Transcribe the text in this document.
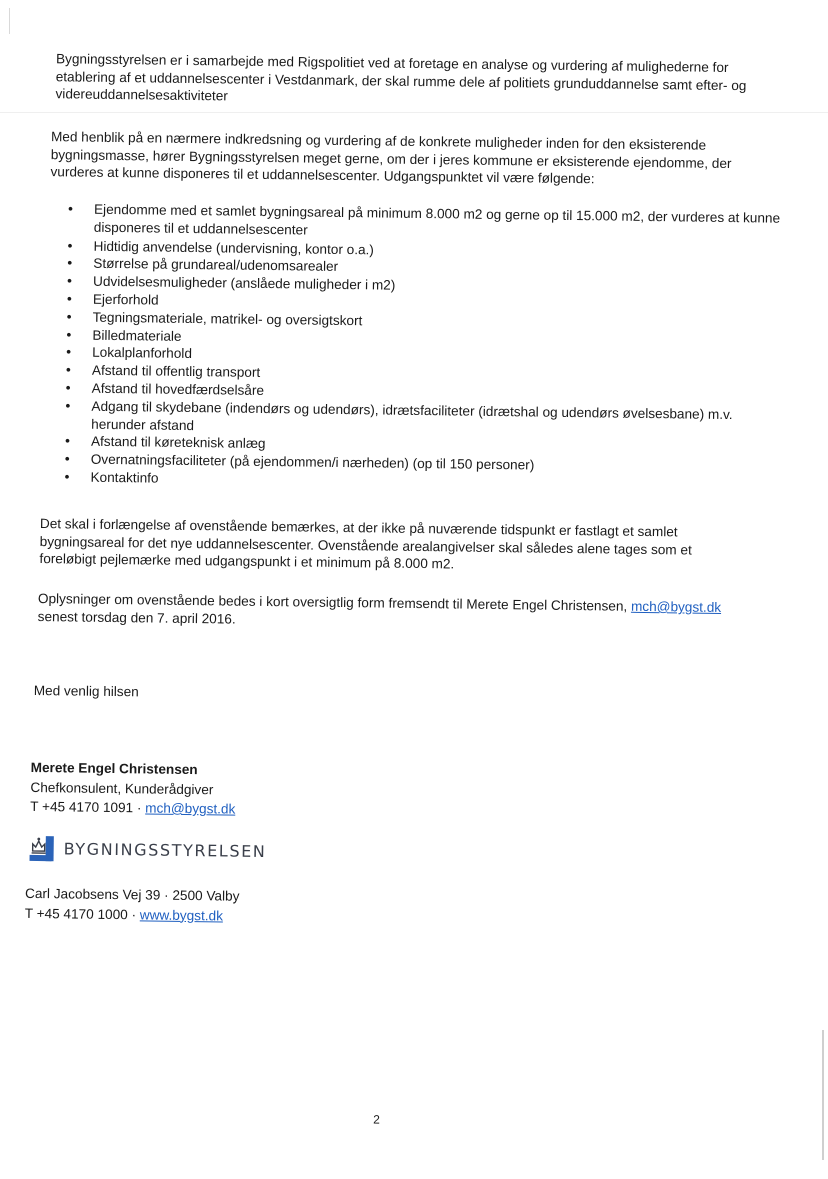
Bygningsstyrelsen er i samarbejde med Rigspolitiet ved at foretage en analyse og vurdering af mulighederne for etablering af et uddannelsescenter i Vestdanmark, der skal rumme dele af politiets grunduddannelse samt efter- og videreuddannelsesaktiviteter

Med henblik på en nærmere indkredsning og vurdering af de konkrete muligheder inden for den eksisterende bygningsmasse, hører Bygningsstyrelsen meget gerne, om der i jeres kommune er eksisterende ejendomme, der vurderes at kunne disponeres til et uddannelsescenter. Udgangspunktet vil være følgende:

• Ejendomme med et samlet bygningsareal på minimum 8.000 m2 og gerne op til 15.000 m2, der vurderes at kunne disponeres til et uddannelsescenter
• Hidtidig anvendelse (undervisning, kontor o.a.)
• Størrelse på grundareal/udenomsarealer
• Udvidelsesmuligheder (anslåede muligheder i m2)
• Ejerforhold
• Tegningsmateriale, matrikel- og oversigtskort
• Billedmateriale
• Lokalplanforhold
• Afstand til offentlig transport
• Afstand til hovedfærdselsåre
• Adgang til skydebane (indendørs og udendørs), idrætsfaciliteter (idrætshal og udendørs øvelsesbane) m.v. herunder afstand
• Afstand til køreteknisk anlæg
• Overnatningsfaciliteter (på ejendommen/i nærheden) (op til 150 personer)
• Kontaktinfo

Det skal i forlængelse af ovenstående bemærkes, at der ikke på nuværende tidspunkt er fastlagt et samlet bygningsareal for det nye uddannelsescenter. Ovenstående arealangivelser skal således alene tages som et foreløbigt pejlemærke med udgangspunkt i et minimum på 8.000 m2.

Oplysninger om ovenstående bedes i kort oversigtlig form fremsendt til Merete Engel Christensen, mch@bygst.dk
senest torsdag den 7. april 2016.

Med venlig hilsen

Merete Engel Christensen
Chefkonsulent, Kunderådgiver
T +45 4170 1091 · mch@bygst.dk
BYGNINGSSTYRELSEN
Carl Jacobsens Vej 39 · 2500 Valby
T +45 4170 1000 · www.bygst.dk
2
